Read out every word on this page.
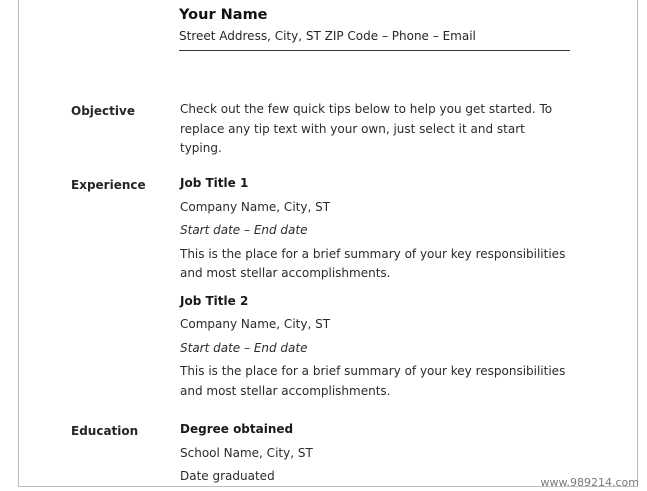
Your Name
Street Address, City, ST ZIP Code – Phone – Email
Objective	Check out the few quick tips below to help you get started. To
replace any tip text with your own, just select it and start
typing.
Experience	Job Title 1
Company Name, City, ST
Start date – End date
This is the place for a brief summary of your key responsibilities
and most stellar accomplishments.
Job Title 2
Company Name, City, ST
Start date – End date
This is the place for a brief summary of your key responsibilities
and most stellar accomplishments.
Education	Degree obtained
School Name, City, ST
Date graduated	www.989214.com
